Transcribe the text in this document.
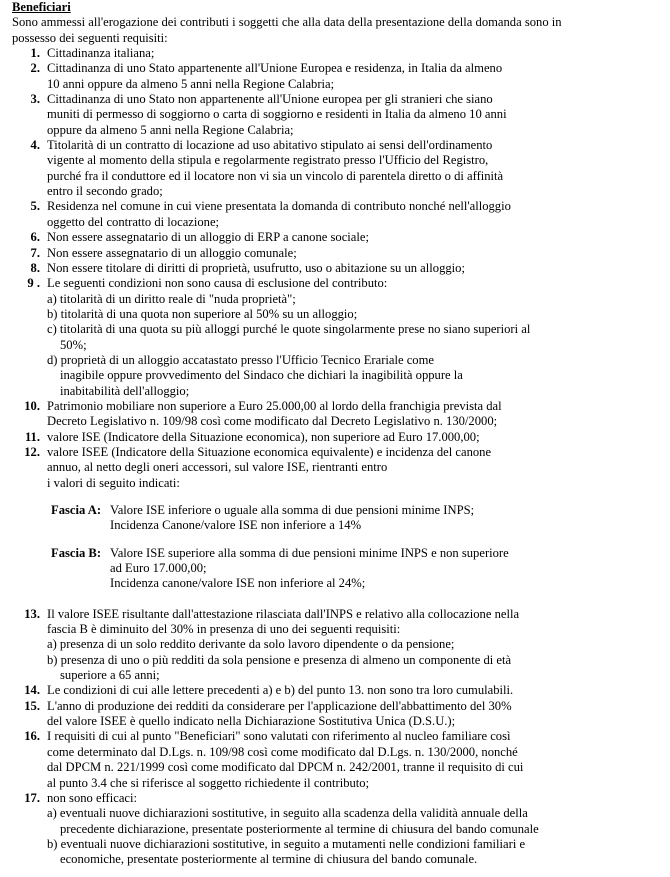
Beneficiari
Sono ammessi all'erogazione dei contributi i soggetti che alla data della presentazione della domanda sono in
possesso dei seguenti requisiti:
1. Cittadinanza italiana;
2. Cittadinanza di uno Stato appartenente all'Unione Europea e residenza, in Italia da almeno
10 anni oppure da almeno 5 anni nella Regione Calabria;
3. Cittadinanza di uno Stato non appartenente all'Unione europea per gli stranieri che siano
muniti di permesso di soggiorno o carta di soggiorno e residenti in Italia da almeno 10 anni
oppure da almeno 5 anni nella Regione Calabria;
4. Titolarità di un contratto di locazione ad uso abitativo stipulato ai sensi dell'ordinamento
vigente al momento della stipula e regolarmente registrato presso l'Ufficio del Registro,
purché fra il conduttore ed il locatore non vi sia un vincolo di parentela diretto o di affinità
entro il secondo grado;
5. Residenza nel comune in cui viene presentata la domanda di contributo nonché nell'alloggio
oggetto del contratto di locazione;
6. Non essere assegnatario di un alloggio di ERP a canone sociale;
7. Non essere assegnatario di un alloggio comunale;
8. Non essere titolare di diritti di proprietà, usufrutto, uso o abitazione su un alloggio;
9 . Le seguenti condizioni non sono causa di esclusione del contributo:
a) titolarità di un diritto reale di "nuda proprietà";
b) titolarità di una quota non superiore al 50% su un alloggio;
c) titolarità di una quota su più alloggi purché le quote singolarmente prese no siano superiori al
50%;
d) proprietà di un alloggio accatastato presso l'Ufficio Tecnico Erariale come
inagibile oppure provvedimento del Sindaco che dichiari la inagibilità oppure la
inabitabilità dell'alloggio;
10. Patrimonio mobiliare non superiore a Euro 25.000,00 al lordo della franchigia prevista dal
Decreto Legislativo n. 109/98 così come modificato dal Decreto Legislativo n. 130/2000;
11. valore ISE (Indicatore della Situazione economica), non superiore ad Euro 17.000,00;
12. valore ISEE (Indicatore della Situazione economica equivalente) e incidenza del canone
annuo, al netto degli oneri accessori, sul valore ISE, rientranti entro
i valori di seguito indicati:
Fascia A: Valore ISE inferiore o uguale alla somma di due pensioni minime INPS;
Incidenza Canone/valore ISE non inferiore a 14%
Fascia B: Valore ISE superiore alla somma di due pensioni minime INPS e non superiore
ad Euro 17.000,00;
Incidenza canone/valore ISE non inferiore al 24%;
13. Il valore ISEE risultante dall'attestazione rilasciata dall'INPS e relativo alla collocazione nella
fascia B è diminuito del 30% in presenza di uno dei seguenti requisiti:
a) presenza di un solo reddito derivante da solo lavoro dipendente o da pensione;
b) presenza di uno o più redditi da sola pensione e presenza di almeno un componente di età
superiore a 65 anni;
14. Le condizioni di cui alle lettere precedenti a) e b) del punto 13. non sono tra loro cumulabili.
15. L'anno di produzione dei redditi da considerare per l'applicazione dell'abbattimento del 30%
del valore ISEE è quello indicato nella Dichiarazione Sostitutiva Unica (D.S.U.);
16. I requisiti di cui al punto "Beneficiari" sono valutati con riferimento al nucleo familiare così
come determinato dal D.Lgs. n. 109/98 così come modificato dal D.Lgs. n. 130/2000, nonché
dal DPCM n. 221/1999 così come modificato dal DPCM n. 242/2001, tranne il requisito di cui
al punto 3.4 che si riferisce al soggetto richiedente il contributo;
17. non sono efficaci:
a) eventuali nuove dichiarazioni sostitutive, in seguito alla scadenza della validità annuale della
precedente dichiarazione, presentate posteriormente al termine di chiusura del bando comunale
b) eventuali nuove dichiarazioni sostitutive, in seguito a mutamenti nelle condizioni familiari e
economiche, presentate posteriormente al termine di chiusura del bando comunale.
